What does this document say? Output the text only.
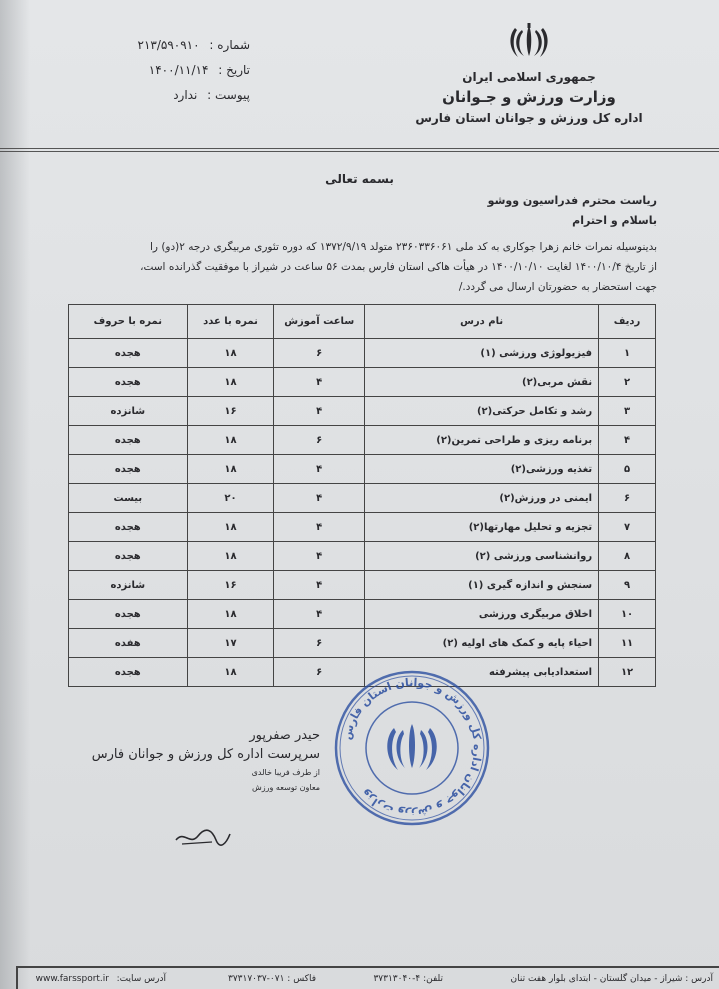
جمهوری اسلامی ایران
وزارت ورزش و جـوانان
اداره کل ورزش و جوانان استان فارس
شماره : ۲۱۳/۵۹۰۹۱۰
تاریخ : ۱۴۰۰/۱۱/۱۴
پیوست : ندارد
بسمه تعالی
ریاست محترم فدراسیون ووشو
باسلام و احترام

بدینوسیله نمرات خانم زهرا جوکاری به کد ملی ۲۳۶۰۳۳۶۰۶۱ متولد ۱۳۷۲/۹/۱۹ که دوره تئوری مربیگری درجه ۲(دو) را

از تاریخ ۱۴۰۰/۱۰/۴ لغایت ۱۴۰۰/۱۰/۱۰ در هیأت هاکی استان فارس بمدت ۵۶ ساعت در شیراز با موفقیت گذرانده است،

جهت استحضار به حضورتان ارسال می گردد./

ردیف	نام درس	ساعت آموزش	نمره با عدد	نمره با حروف
۱	فیزیولوژی ورزشی (۱)	۶	۱۸	هجده
۲	نقش مربی(۲)	۴	۱۸	هجده
۳	رشد و تکامل حرکتی(۲)	۴	۱۶	شانزده
۴	برنامه ریزی و طراحی تمرین(۲)	۶	۱۸	هجده
۵	تغذیه ورزشی(۲)	۴	۱۸	هجده
۶	ایمنی در ورزش(۲)	۴	۲۰	بیست
۷	تجزیه و تحلیل مهارتها(۲)	۴	۱۸	هجده
۸	روانشناسی ورزشی (۲)	۴	۱۸	هجده
۹	سنجش و اندازه گیری (۱)	۴	۱۶	شانزده
۱۰	اخلاق مربیگری ورزشی	۴	۱۸	هجده
۱۱	احیاء پایه و کمک های اولیه (۲)	۶	۱۷	هفده
۱۲	استعدادیابی پیشرفته	۶	۱۸	هجده
حیدر صفرپور
سرپرست اداره کل ورزش و جوانان فارس
از طرف فریبا خالدی
معاون توسعه ورزش
وزارت ورزش و جوانان اداره کل ورزش و جوانان استان فارس
آدرس : شیراز - میدان گلستان - ابتدای بلوار هفت تنان
تلفن: ۴-۳۷۳۱۳۰۴۰
فاکس : ۰۷۱-۳۷۳۱۷۰۳۷
آدرس سایت:
www.farssport.ir
